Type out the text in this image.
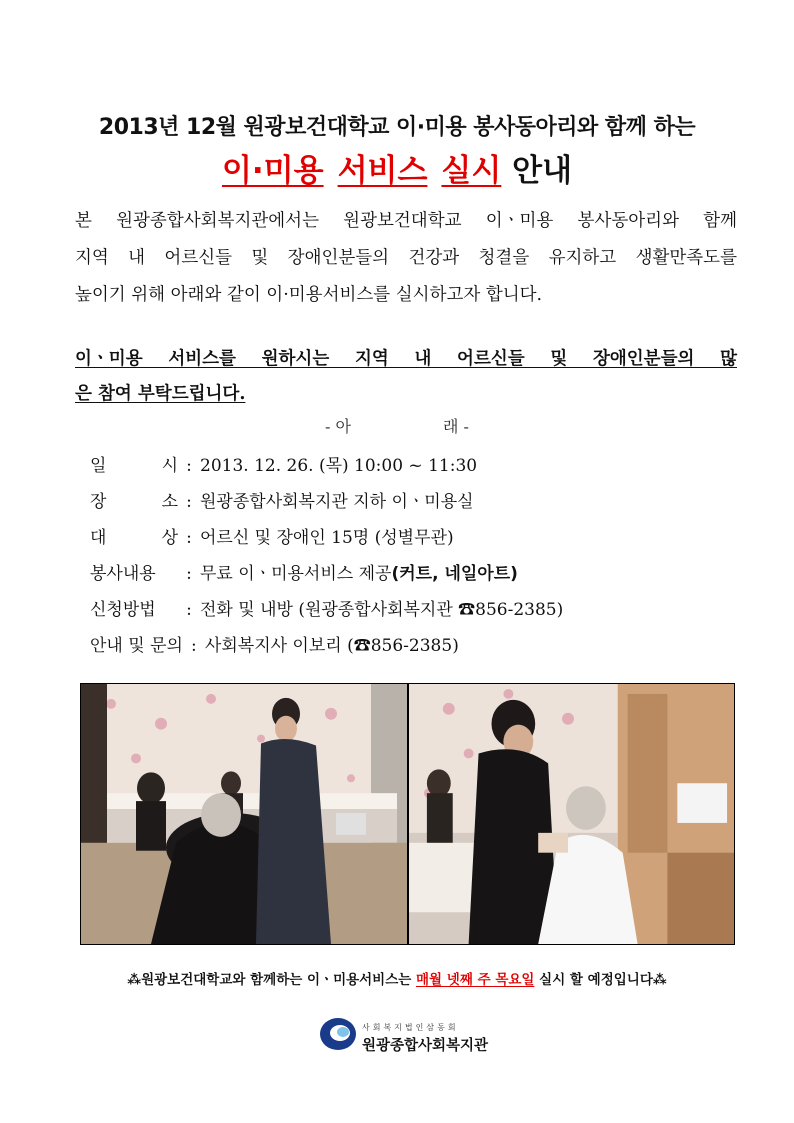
2013년 12월 원광보건대학교 이·미용 봉사동아리와 함께 하는
이·미용 서비스 실시 안내
본 원광종합사회복지관에서는 원광보건대학교 이ㆍ미용 봉사동아리와 함께
지역 내 어르신들 및 장애인분들의 건강과 청결을 유지하고 생활만족도를
높이기 위해 아래와 같이 이·미용서비스를 실시하고자 합니다.
이ㆍ미용 서비스를 원하시는 지역 내 어르신들 및 장애인분들의 많
은 참여 부탁드립니다.
- 아	래 -
일 시 : 2013. 12. 26. (목) 10:00 ~ 11:30
장 소 : 원광종합사회복지관 지하 이ㆍ미용실
대 상 : 어르신 및 장애인 15명 (성별무관)
봉사내용	: 무료 이ㆍ미용서비스 제공 (커트, 네일아트)
신청방법	: 전화 및 내방 (원광종합사회복지관 ☎856-2385)
안내 및 문의 : 사회복지사 이보리 (☎856-2385)
⁂원광보건대학교와 함께하는 이ㆍ미용서비스는 매월 넷째 주 목요일 실시 할 예정입니다⁂
사회복지법인삼동회
원광종합사회복지관
